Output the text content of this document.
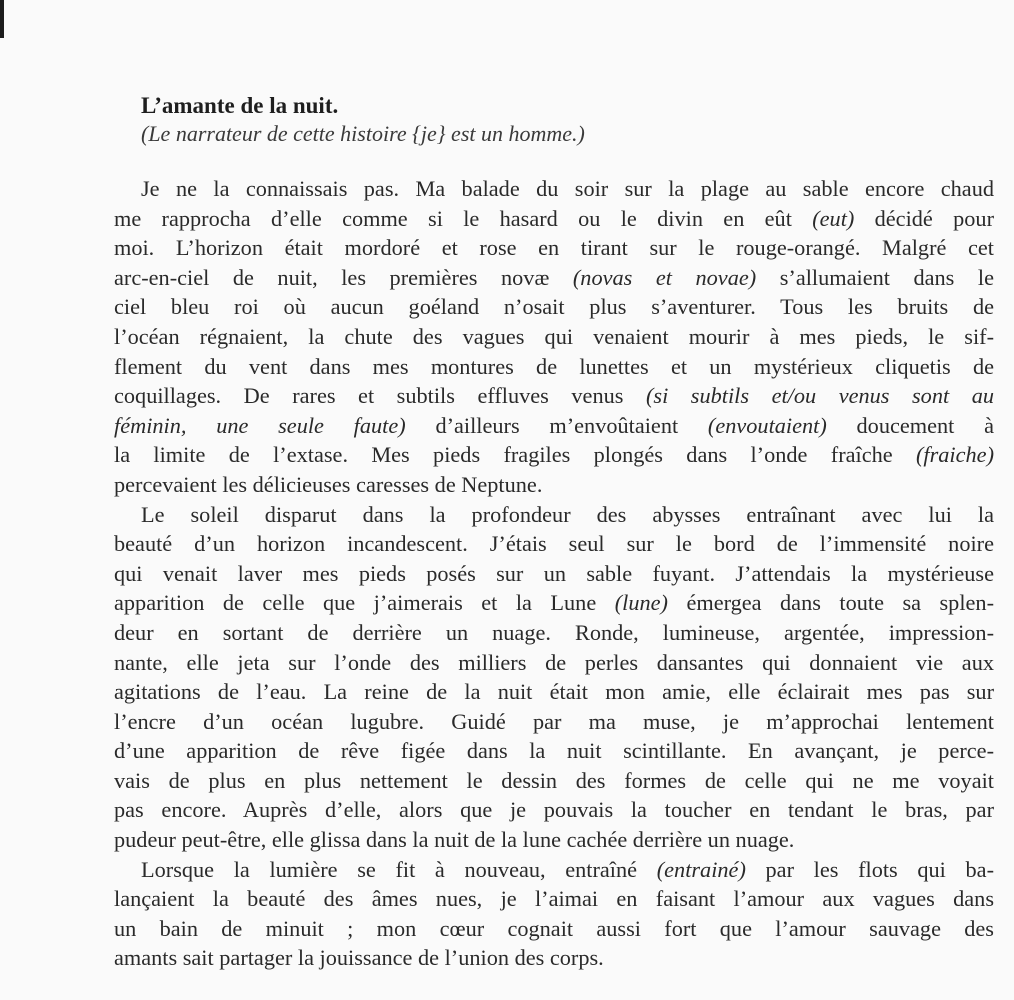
L’amante de la nuit.

(Le narrateur de cette histoire {je} est un homme.)

Je ne la connaissais pas. Ma balade du soir sur la plage au sable encore chaud
me rapprocha d’elle comme si le hasard ou le divin en eût (eut) décidé pour
moi. L’horizon était mordoré et rose en tirant sur le rouge-orangé. Malgré cet
arc-en-ciel de nuit, les premières novæ (novas et novae) s’allumaient dans le
ciel bleu roi où aucun goéland n’osait plus s’aventurer. Tous les bruits de
l’océan régnaient, la chute des vagues qui venaient mourir à mes pieds, le sif-
flement du vent dans mes montures de lunettes et un mystérieux cliquetis de
coquillages. De rares et subtils effluves venus (si subtils et/ou venus sont au
féminin, une seule faute) d’ailleurs m’envoûtaient (envoutaient) doucement à
la limite de l’extase. Mes pieds fragiles plongés dans l’onde fraîche (fraiche)
percevaient les délicieuses caresses de Neptune.
Le soleil disparut dans la profondeur des abysses entraînant avec lui la
beauté d’un horizon incandescent. J’étais seul sur le bord de l’immensité noire
qui venait laver mes pieds posés sur un sable fuyant. J’attendais la mystérieuse
apparition de celle que j’aimerais et la Lune (lune) émergea dans toute sa splen-
deur en sortant de derrière un nuage. Ronde, lumineuse, argentée, impression-
nante, elle jeta sur l’onde des milliers de perles dansantes qui donnaient vie aux
agitations de l’eau. La reine de la nuit était mon amie, elle éclairait mes pas sur
l’encre d’un océan lugubre. Guidé par ma muse, je m’approchai lentement
d’une apparition de rêve figée dans la nuit scintillante. En avançant, je perce-
vais de plus en plus nettement le dessin des formes de celle qui ne me voyait
pas encore. Auprès d’elle, alors que je pouvais la toucher en tendant le bras, par
pudeur peut-être, elle glissa dans la nuit de la lune cachée derrière un nuage.
Lorsque la lumière se fit à nouveau, entraîné (entrainé) par les flots qui ba-
lançaient la beauté des âmes nues, je l’aimai en faisant l’amour aux vagues dans
un bain de minuit ; mon cœur cognait aussi fort que l’amour sauvage des
amants sait partager la jouissance de l’union des corps.
